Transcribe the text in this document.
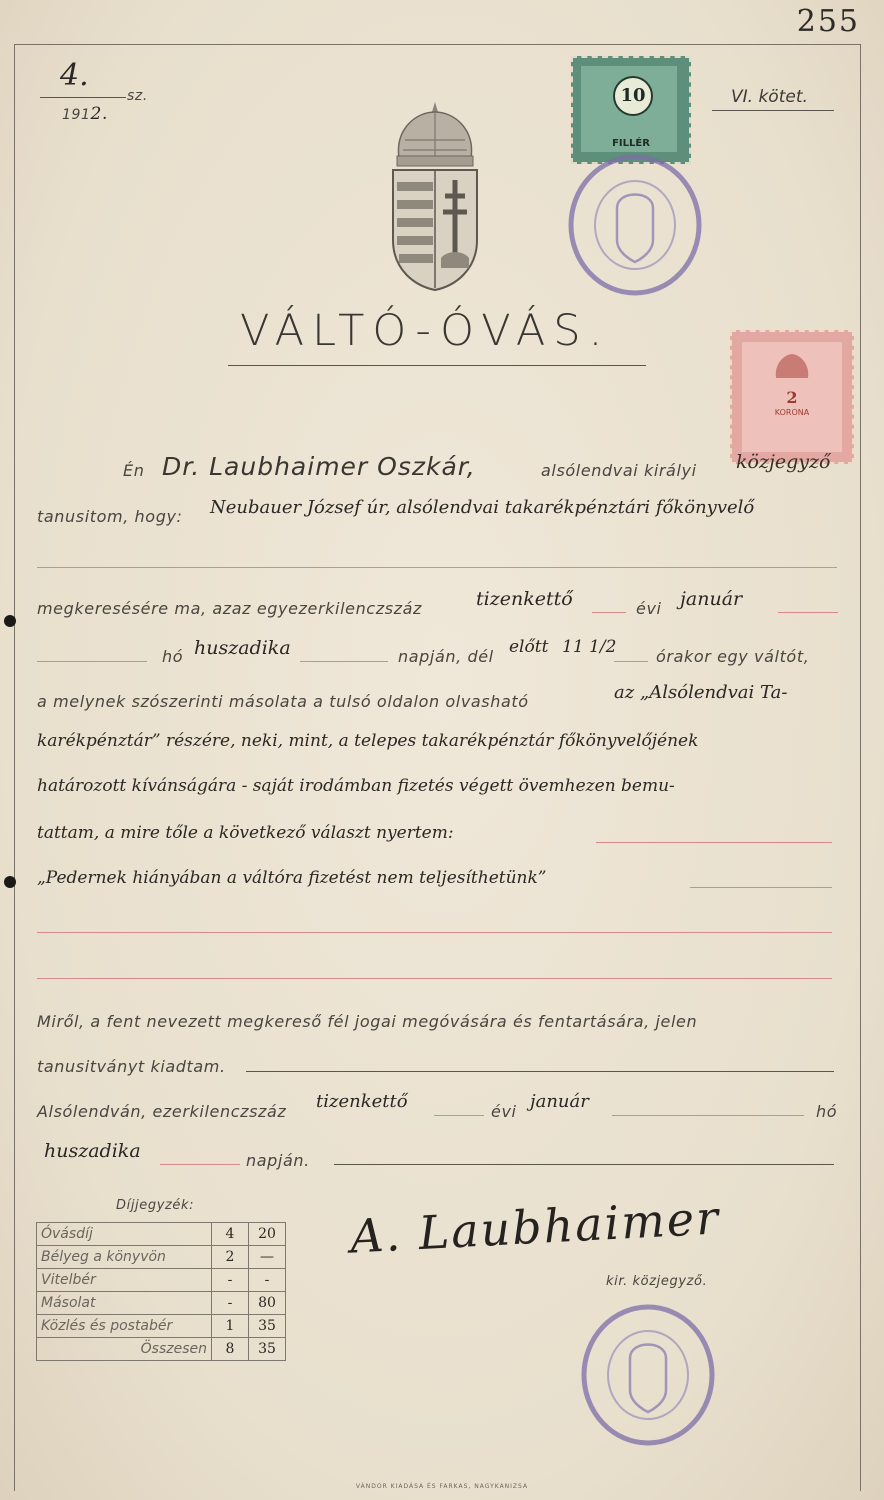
255
4.
sz.
1912.
VI. kötet.
10
FILLÉR
2
KORONA
VÁLTÓ-ÓVÁS.
Én Dr. Laubhaimer Oszkár,	alsólendvai királyi közjegyző
tanusitom, hogy: Neubauer József úr, alsólendvai takarékpénztári főkönyvelő
megkeresésére ma, azaz egyezerkilenczszáz	tizenkettő	évi január
hó huszadika	napján, dél előtt 11 1/2 órakor egy váltót,
a melynek szószerinti másolata a tulsó oldalon olvasható	az „Alsólendvai Ta-
karékpénztár” részére, neki, mint, a telepes takarékpénztár főkönyvelőjének
határozott kívánságára - saját irodámban fizetés végett övemhezen bemu-
tattam, a mire tőle a következő választ nyertem:
„Pedernek hiányában a váltóra fizetést nem teljesíthetünk”
Miről, a fent nevezett megkereső fél jogai megóvására és fentartására, jelen
tanusitványt kiadtam.
Alsólendván, ezerkilenczszáz tizenkettő	évi január	hó
huszadika	napján.
Díjjegyzék:
Óvásdíj	4	20
Bélyeg a könyvön	2	—
Vitelbér	-	-
Másolat	-	80
Közlés és postabér	1	35
Összesen	8	35
A. Laubhaimer
kir. közjegyző.
VÁNDOR KIADÁSA ÉS FARKAS, NAGYKANIZSA
